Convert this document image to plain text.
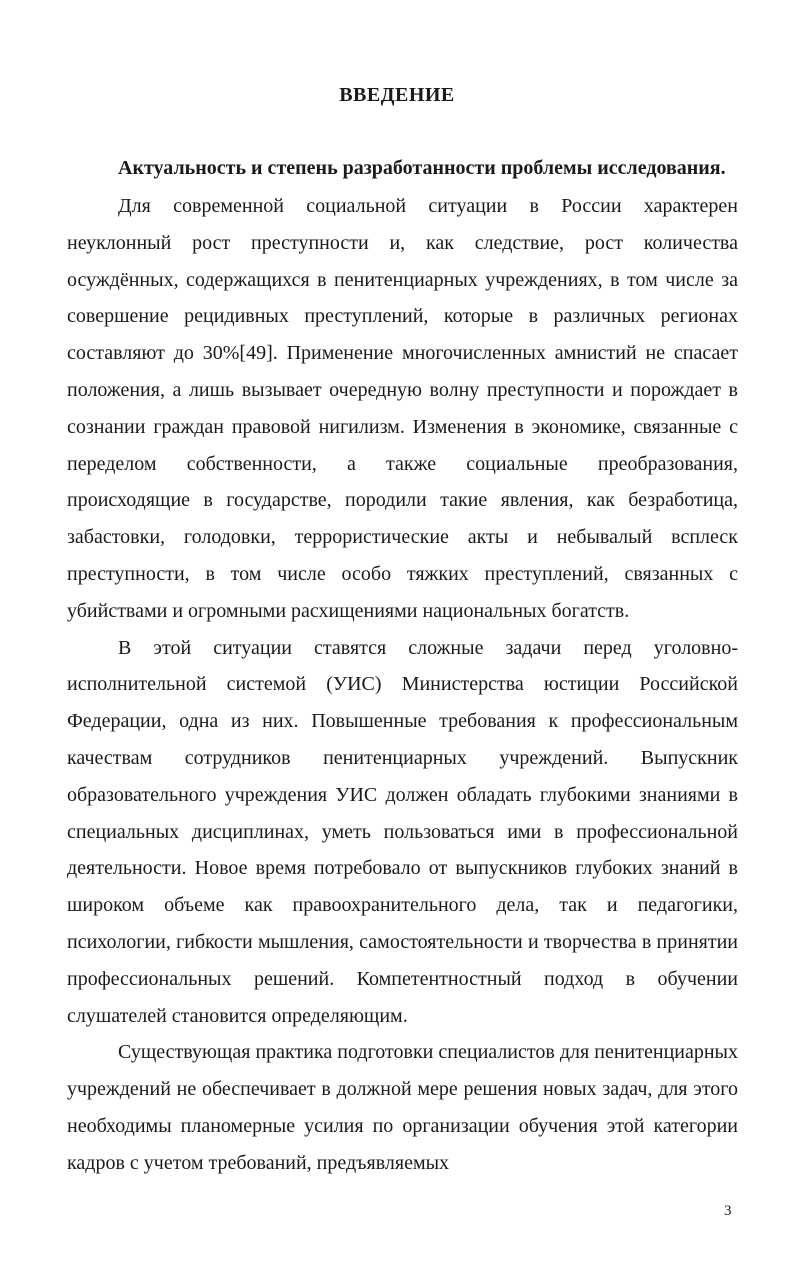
ВВЕДЕНИЕ
Актуальность и степень разработанности проблемы исследования.

Для современной социальной ситуации в России характерен неуклонный рост преступности и, как следствие, рост количества осуждённых, содержащихся в пенитенциарных учреждениях, в том числе за совершение рецидивных преступлений, которые в различных регионах составляют до 30%[49]. Применение многочисленных амнистий не спасает положения, а лишь вызывает очередную волну преступности и порождает в сознании граждан правовой нигилизм. Изменения в экономике, связанные с переделом собственности, а также социальные преобразования, происходящие в государстве, породили такие явления, как безработица, забастовки, голодовки, террористические акты и небывалый всплеск преступности, в том числе особо тяжких преступлений, связанных с убийствами и огромными расхищениями национальных богатств.

В этой ситуации ставятся сложные задачи перед уголовно-исполнительной системой (УИС) Министерства юстиции Российской Федерации, одна из них. Повышенные требования к профессиональным качествам сотрудников пенитенциарных учреждений. Выпускник образовательного учреждения УИС должен обладать глубокими знаниями в специальных дисциплинах, уметь пользоваться ими в профессиональной деятельности. Новое время потребовало от выпускников глубоких знаний в широком объеме как правоохранительного дела, так и педагогики, психологии, гибкости мышления, самостоятельности и творчества в принятии профессиональных решений. Компетентностный подход в обучении слушателей становится определяющим.

Существующая практика подготовки специалистов для пенитенциарных учреждений не обеспечивает в должной мере решения новых задач, для этого необходимы планомерные усилия по организации обучения этой категории кадров с учетом требований, предъявляемых

3
